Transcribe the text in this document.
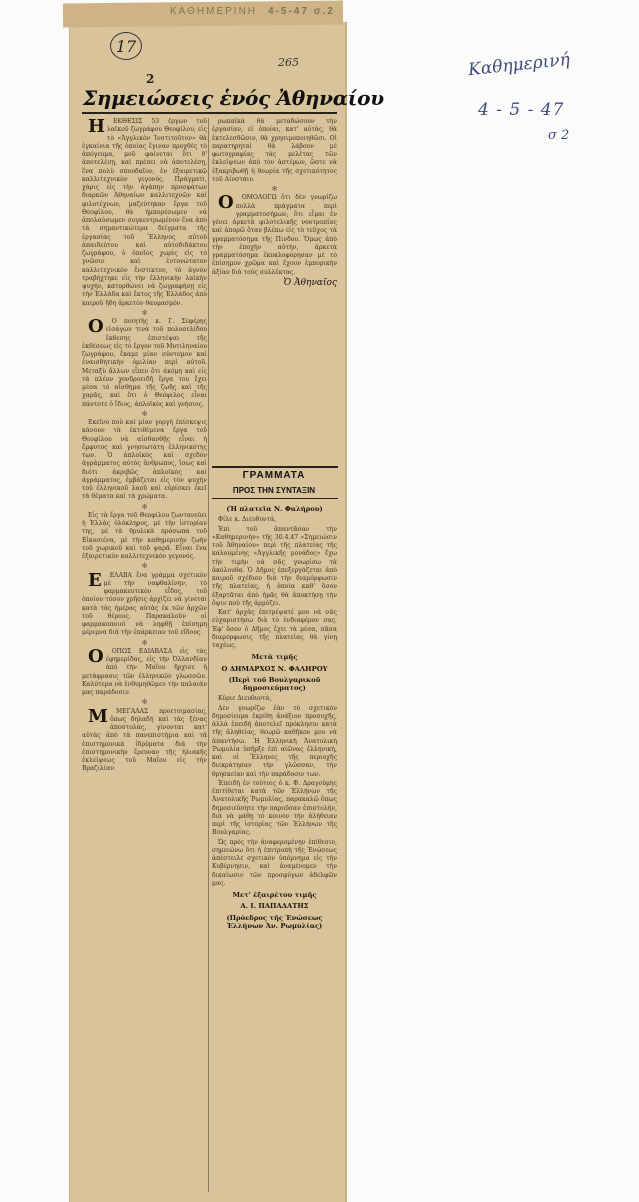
ΚΑΘΗΜΕΡΙΝΗ 4-5-47 σ.2
17
2
265
Σημειώσεις ἑνός Ἀθηναίου

Η ΕΚΘΕΣΙΣ 53 ἔργων τοῦ λαϊκοῦ ζωγράφου Θεοφίλου, εἰς τὸ «Ἀγγλικὸν Ἰνστιτοῦτον» θὰ ἐγκαίνια τῆς ὁποίας ἔγιναν προχθὲς τὸ ἀπόγευμα, μοῦ φαίνεται ὅτι θ' ἀποτελέσῃ, καὶ πρέπει νὰ ἀποτελέσῃ, ἕνα πολὺ σπουδαῖον, ἐν ἐξαιρετικῷ καλλιτεχνικὸν γεγονός. Πράγματι, χάρις εἰς τὴν ἀγάπην προσφάτων διαρκῶν Ἀθηναίων καλλιτεχνῶν καὶ φιλοτέχνων, μαζεύτηκαν ἔργα τοῦ Θεοφίλου, θὰ ἠμπορέσωμεν νὰ ἀπολαύσωμεν συγκεντρωμένον ἕνα ἀπὸ τὰ σημαντικώτερα δείγματα τῆς ἐργασίας τοῦ Ἕλληνος αὐτοῦ ἀπαιδεύτου καὶ αὐτοδιδάκτου ζωγράφου, ὁ ὁποῖος χωρὶς εἰς τὸ γνῶσιν καὶ ἐντονώτατον καλλιτεχνικὸν ἔνστικτον, τὸ ἀγνὸν τραβήχτηκε εἰς τὴν ἑλληνικὴν λαϊκὴν ψυχήν, κατορθώνει νὰ ζωγραφήσῃ εἰς τὴν Ἑλλάδα καὶ ἔκτος τῆς Ἑλλάδος ἀπὸ καιροῦ ἤδη ἀρκετὸν θαυμασμόν.

✻

Ο Ο ποιητὴς κ. Γ. Σεφέρης εἰσάγων τινὰ τοῦ πολυσελίδου ἔκθεσης ἐπιστέψαι τῆς ἐκθέσεως εἰς τὸ ἔργον τοῦ Μυτιληναίου ζωγράφου, ἔκαμε μίαν σύντομον καὶ ἐναισθητικὴν ὁμιλίαν περὶ αὐτοῦ. Μεταξὺ ἄλλων εἶπεν ὅτι ἀκόμη καὶ εἰς τὰ πλέον χονδροειδῆ ἔργα του ἔχει μέσα τὸ αἴσθημα τῆς ζωῆς καὶ τῆς χαρᾶς, καὶ ὅτι ὁ Θεόφιλος εἶναι πάντοτε ὁ ἴδιος, ἁπλοϊκὸς καὶ γνήσιος.

✻

Εκεῖνο ποὺ καὶ μίαν γοργὴ ἐπίσκεψις κάνουν τὰ ἐκτιθέμενα ἔργα τοῦ Θεοφίλου νὰ αἰσθανθῇς εἶναι ἡ ἔμφυτος καὶ γνησιωτάτη ἑλληνικότης των. Ὁ ἁπλοϊκὸς καὶ σχεδὸν ἀγράμματος αὐτὸς ἄνθρωπος, ἴσως καὶ διότι ἀκριβῶς ἁπλοϊκὸς καὶ ἀγράμματος, ἐμβάζεται εἰς τὸν ψυχὴν τοῦ ἑλληνικοῦ λαοῦ καὶ εὑρίσκει ἐκεῖ τὰ θέματα καὶ τὰ χρώματα.

✻

Εἰς τὰ ἔργα τοῦ Θεοφίλου ζωντανεύει ἡ Ἑλλὰς ὁλόκληρος, μὲ τὴν ἱστορίαν της, μὲ τὰ θρυλικὰ πρόσωπα τοῦ Εἰκοσιένα, μὲ τὴν καθημερινὴν ζωὴν τοῦ χωρικοῦ καὶ τοῦ ψαρᾶ. Εἶναι ἕνα ἐξαιρετικὸν καλλιτεχνικὸν γεγονός.

✻

Ε ΕΛΑΒΑ ἕνα γράμμα σχετικὸν μὲ τὴν ναφθαλίνην, τὸ φαρμακευτικὸν εἶδος, τοῦ ὁποίου τόσον χρῆσις ἀρχίζει νὰ γίνεται κατὰ τὰς ἡμέρας αὐτὰς ἐκ τῶν ἀρχῶν τοῦ θέρους. Παρακαλοῦν οἱ φαρμακοποιοὶ νὰ ληφθῇ ἐπίσημη μέριμνα διὰ τὴν ἐπάρκειαν τοῦ εἴδους.

✻

Ο ΟΠΩΣ ΕΔΙΑΒΑΣΑ εἰς τὰς ἐφημερίδας, εἰς τὴν Ὀλλανδίαν ἀπὸ τὴν Μαΐου ἤρχισε ἡ μετάφρασις τῶν ἑλληνικῶν γλωσσῶν. Καλύτερα νὰ ἐνθυμηθῶμεν τὴν παλαιὰν μας παράδοσιν.

✻

Μ ΜΕΓΑΛΑΣ προετοιμασίας, ὅπως δηλαδὴ καὶ τὰς ξένας ἀποστολάς, γίνονται κατ' αὐτὰς ἀπὸ τὰ πανεπιστήμια καὶ τὰ ἐπιστημονικὰ ἱδρύματα διὰ τὴν ἐπιστημονικὴν ἔρευναν τῆς ἡλιακῆς ἐκλείψεως τοῦ Μαΐου εἰς τὴν Βραζιλίαν.

ρωπαϊκὰ θὰ μεταδώσουν τὴν ἐργασίαν, εἰ ὁποίαι, κατ' αὐτὰς, θὰ ἐκτελεσθῶσιν, θὰ χρησιμοποιηθῶσι. Οἱ παρατηρηταὶ θὰ λάβουν μὲ φωτογραφίας τὰς μελέτας τῶν ἐκλείψεων ἀπὸ τὸν ἀστέρων, ὥστε νὰ ἐξακριβωθῇ ἡ θεωρία τῆς σχετικότητος τοῦ Αἰνστάιν.

✻

Ο ΟΜΟΛΟΓΩ ὅτι δὲν γνωρίζω πολλὰ πράγματα περὶ γραμματοσήμων, ὅτι εἶμαι ἐν γένει ἀρκετὰ φιλοτελικῆς νοοτροπίας καὶ ἀπορῶ ὅταν βλέπω εἰς τὸ τεῦχος τὰ γραμματόσημα τῆς Πινδου. Ὅμως ἀπὸ τὴν ἐποχὴν αὐτήν, ἀρκετὰ γραμματόσημα ἐκυκλοφόρησαν μὲ τὸ ἐπίσημον χρῶμα καὶ ἔχουν ἐμπορικὴν ἀξίαν διὰ τοὺς συλλέκτας.

Ὁ Ἀθηναῖος

ΓΡΑΜΜΑΤΑ
ΠΡΟΣ ΤΗΝ ΣΥΝΤΑΞΙΝ

(Ἡ πλατεῖα Ν. Φαλήρου)

Φίλε κ. Διευθυντά,

Ἐπὶ τοῦ ἀπαντᾶσαν τὴν «Καθημερινὴν» τῆς 30.4.47 «Σημειώσιν τοῦ Ἀθηναίου» περὶ τῆς πλατείας τῆς καλουμένης «Ἀγγλικῆς μονάδος» ἔχω τὴν τιμὴν νὰ σᾶς γνωρίσω τὰ ἀκόλουθα. Ὁ Δῆμος ἐπεξεργάζεται ἀπὸ καιροῦ σχέδιον διὰ τὴν διαμόρφωσιν τῆς πλατείας, ἡ ὁποία καθ' ὅσον ἐξαρτᾶται ἀπὸ ἡμᾶς θὰ ἀποκτήσῃ τὴν ὄψιν ποὺ τῆς ἁρμόζει.

Κατ' ἀρχὰς ἐπιτρέψατέ μου νὰ σᾶς εὐχαριστήσω διὰ τὸ ἐνδιαφέρον σας. Ἐφ' ὅσον ὁ Δῆμος ἔχει τὰ μέσα, πᾶσα διαμόρφωσις τῆς πλατείας θὰ γίνῃ ταχέως.

Μετὰ τιμῆς

Ο ΔΗΜΑΡΧΟΣ Ν. ΦΑΛΗΡΟΥ

(Περὶ τοῦ Βουλγαρικοῦ δημοσιεύματος)

Κύριε Διευθυντά,

Δὲν γνωρίζω ἐὰν τὸ σχετικὸν δημοσίευμα ἐκρίθη ἀνάξιον προσοχῆς, ἀλλὰ ἐπειδὴ ἀποτελεῖ πρόκλησιν κατὰ τῆς ἀληθείας, θεωρῶ καθῆκον μου νὰ ἀπαντήσω. Ἡ Ἑλληνικὴ Ἀνατολικὴ Ῥωμυλία ὑπῆρξε ἐπὶ αἰῶνας ἑλληνική, καὶ οἱ Ἕλληνες τῆς περιοχῆς διεκράτησαν τὴν γλῶσσαν, τὴν θρησκείαν καὶ τὴν παράδοσιν των.

Ἐπειδὴ ἐν τούτοις ὁ κ. Φ. Δραγούμης ἐπιτίθεται κατὰ τῶν Ἑλλήνων τῆς Ἀνατολικῆς Ῥωμυλίας, παρακαλῶ ὅπως δημοσιεύσητε τὴν παροῦσαν ἐπιστολήν, διὰ νὰ μάθῃ τὸ κοινὸν τὴν ἀλήθειαν περὶ τῆς ἱστορίας τῶν Ἑλλήνων τῆς Βουλγαρίας.

Ὡς πρὸς τὴν ἀναφερομένην ἐπίθεσιν, σημειώνω ὅτι ἡ ἐπιτροπὴ τῆς Ἑνώσεως ἀπέστειλε σχετικὸν ὑπόμνημα εἰς τὴν Κυβέρνησιν, καὶ ἀναμένομεν τὴν δικαίωσιν τῶν προσφύγων ἀδελφῶν μας.

Μετ' ἐξαιρέτου τιμῆς

Α. Ι. ΠΑΠΑΔΑΤΗΣ

(Πρόεδρος τῆς Ἑνώσεως Ἑλλήνων Ἀν. Ρωμυλίας)

Καθημερινή
4 - 5 - 47
σ 2
